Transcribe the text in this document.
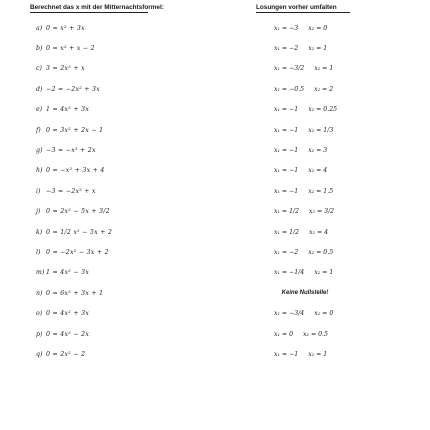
Berechnet das x mit der Mitternachtsformel:	Losungen vorher umfalten
a) 0 = x² + 3x
b) 0 = x² + x − 2
c) 3 = 2x² + x
d) −2 = −2x² + 3x
e) 1 = 4x² + 3x
f) 0 = 3x² + 2x − 1
g) −3 = −x² + 2x
h) 0 = −x² + 3x + 4
i) −3 = −2x² + x
j) 0 = 2x² − 5x + 3/2
k) 0 = 1/2 x² − 5x + 2
l) 0 = −2x² − 3x + 2
m) 1 = 4x² − 3x
n) 0 = 6x² + 3x + 1
o) 0 = 4x² + 3x
p) 0 = 4x² − 2x
q) 0 = 2x² − 2
x₁ = −3 x₂ = 0
x₁ = −2 x₂ = 1
x₁ = −3/2 x₂ = 1
x₁ = −0.5 x₂ = 2
x₁ = −1 x₂ = 0.25
x₁ = −1 x₂ = 1/3
x₁ = −1 x₂ = 3
x₁ = −1 x₂ = 4
x₁ = −1 x₂ = 1.5
x₁ = 1/2 x₂ = 3/2
x₁ = 1/2 x₂ = 4
x₁ = −2 x₂ = 0.5
x₁ = −1/4 x₂ = 1
Keine Nullstelle!
x₁ = −3/4 x₂ = 0
x₁ = 0 x₂ = 0.5
x₁ = −1 x₂ = 1
